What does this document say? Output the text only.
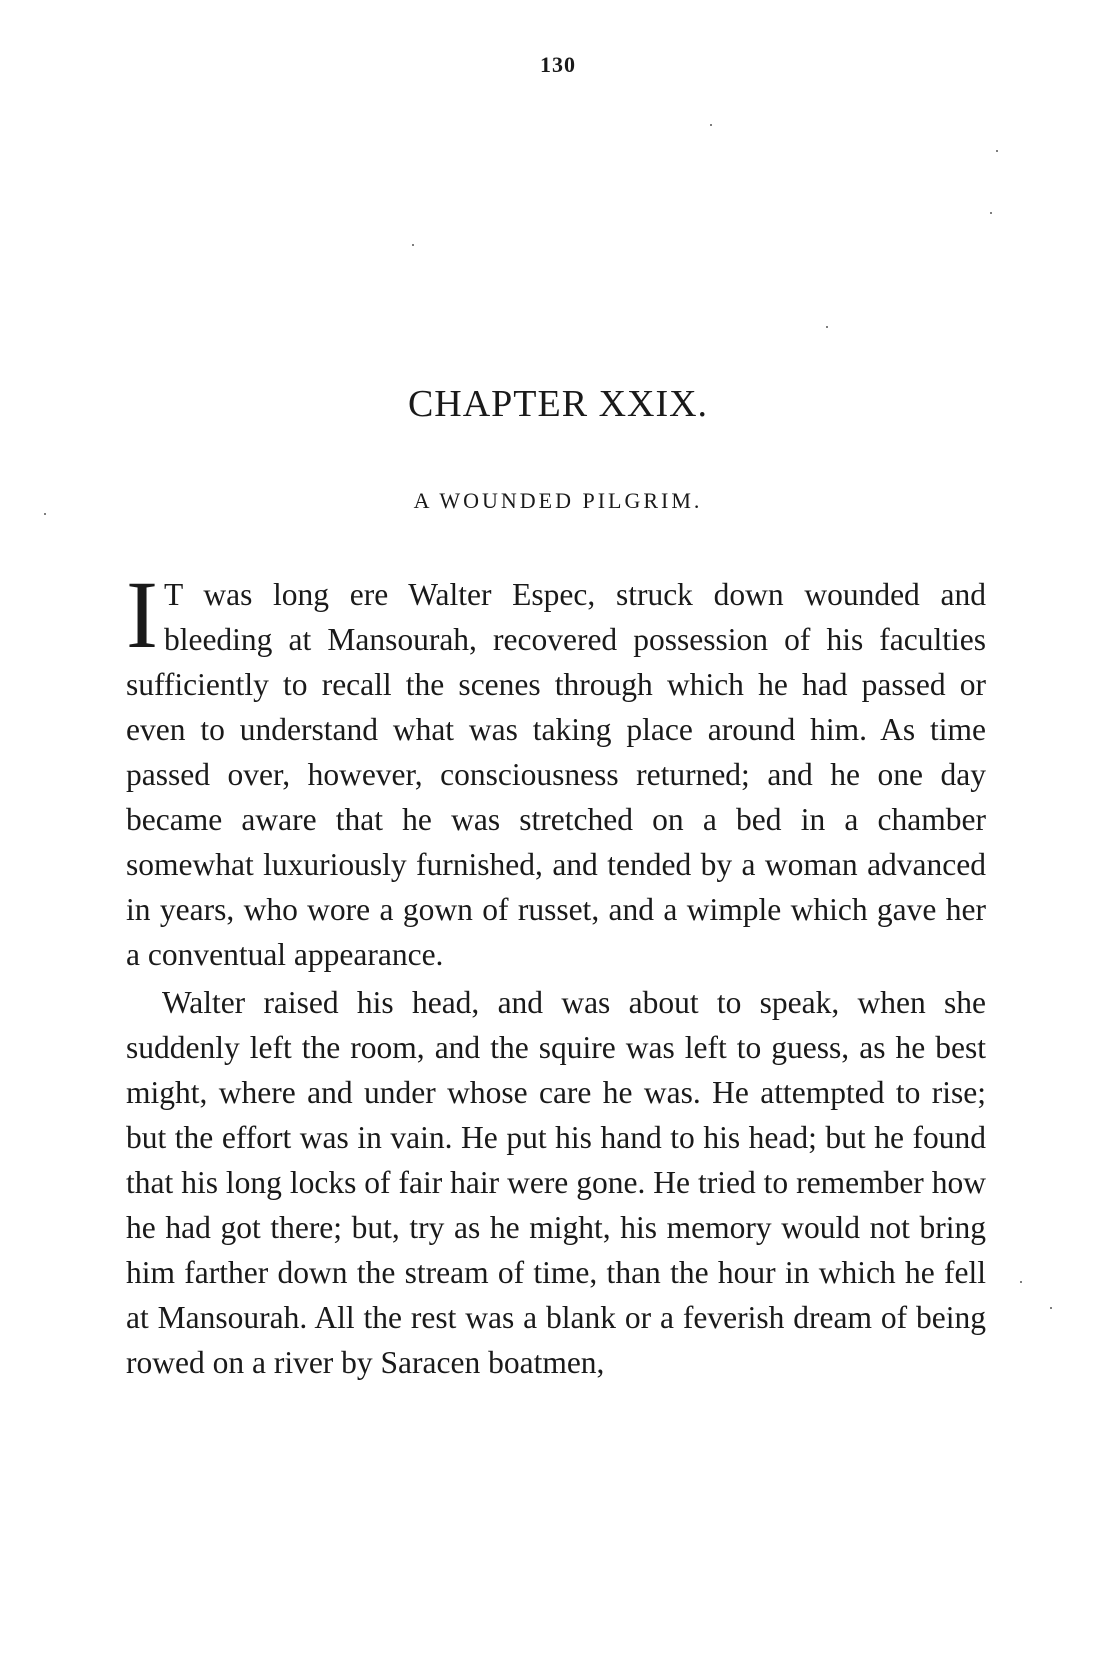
130
CHAPTER XXIX.
A WOUNDED PILGRIM.

I T was long ere Walter Espec, struck down wounded and bleeding at Mansourah, recovered possession of his faculties sufficiently to recall the scenes through which he had passed or even to understand what was taking place around him. As time passed over, however, consciousness returned; and he one day became aware that he was stretched on a bed in a chamber somewhat luxuriously furnished, and tended by a woman advanced in years, who wore a gown of russet, and a wimple which gave her a conventual appearance.

Walter raised his head, and was about to speak, when she suddenly left the room, and the squire was left to guess, as he best might, where and under whose care he was. He attempted to rise; but the effort was in vain. He put his hand to his head; but he found that his long locks of fair hair were gone. He tried to remember how he had got there; but, try as he might, his memory would not bring him farther down the stream of time, than the hour in which he fell at Mansourah. All the rest was a blank or a feverish dream of being rowed on a river by Saracen boatmen,
